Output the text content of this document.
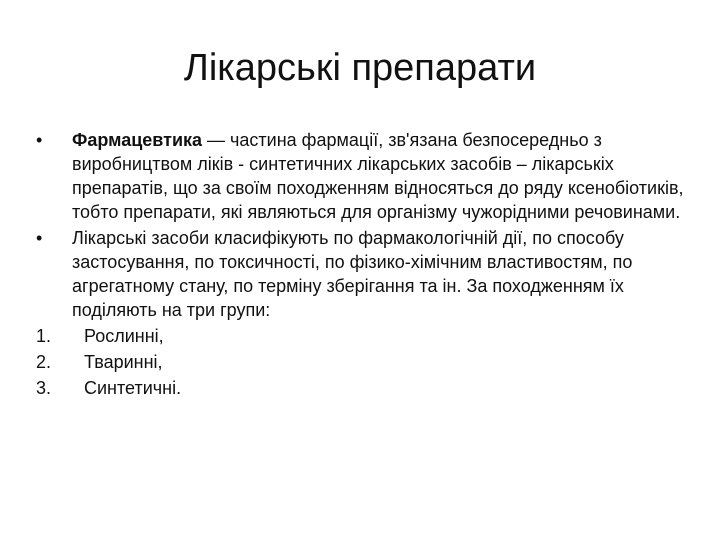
Лікарські препарати
•	Фармацевтика — частина фармації, зв'язана безпосередньо з виробництвом ліків - синтетичних лікарських засобів – лікарськіх препаратів, що за своїм походженням відносяться до ряду ксенобіотиків, тобто препарати, які являються для організму чужорідними речовинами.
•	Лікарські засоби класифікують по фармакологічній дії, по способу застосування, по токсичності, по фізико-хімічним властивостям, по агрегатному стану, по терміну зберігання та ін. За походженням їх поділяють на три групи:
1.	Рослинні,
2.	Тваринні,
3.	Синтетичні.
